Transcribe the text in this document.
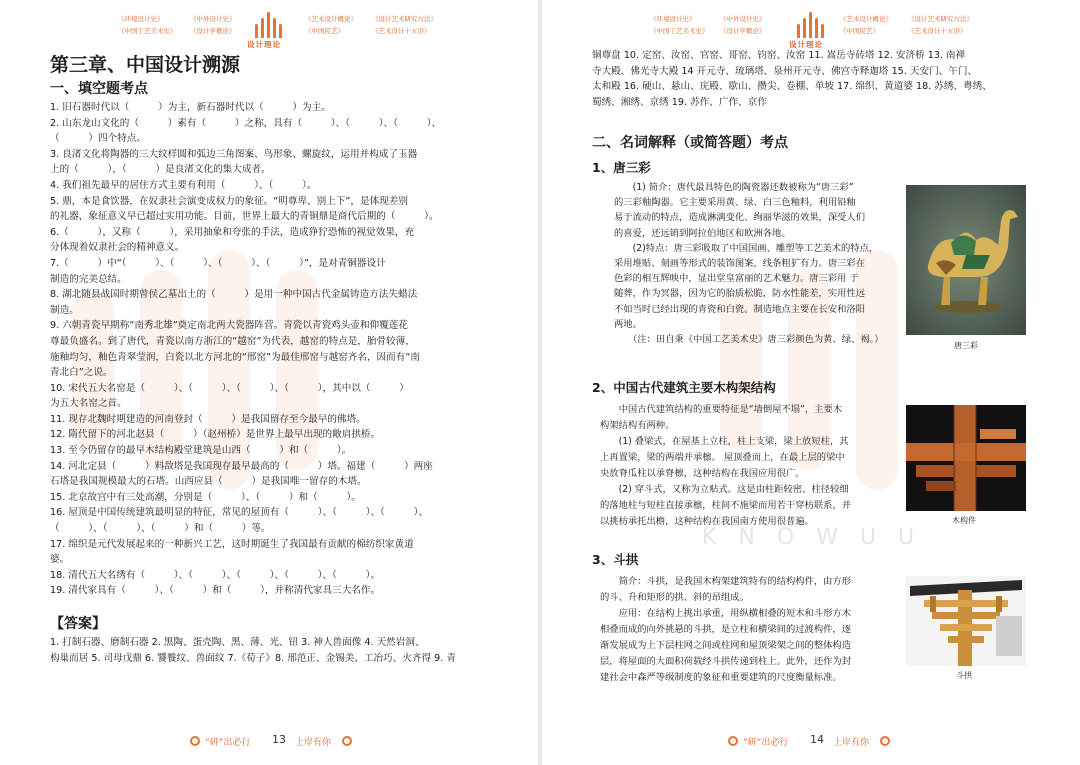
《环境设计史》
《中国工艺美术史》
《中外设计史》
《设计学概论》
设计理论
《艺术设计概论》
《中国民艺》
《设计艺术研究方法》
《艺术设计十五讲》
第三章、中国设计溯源
一、填空题考点
1. 旧石器时代以（　　　）为主，新石器时代以（　　　）为主。
2. 山东龙山文化的（　　　）素有（　　　）之称，具有（　　　）、（　　　）、（　　　）、
（　　　）四个特点。
3. 良渚文化将陶器的三大纹样圆和弧边三角图案、鸟形象、螺旋纹，运用并构成了玉器
上的（　　　），（　　　）是良渚文化的集大成者。
4. 我们祖先最早的居住方式主要有利用（　　　）、（　　　）。
5. 鼎，本是食饮器，在奴隶社会演变成权力的象征。“明尊卑、别上下”，是体现差别
的礼器，象征意义早已超过实用功能。目前，世界上最大的青铜鼎是商代后期的（　　　）。
6.（　　　），又称（　　　），采用抽象和夸张的手法，造成狰狞恐怖的视觉效果，充
分体现着奴隶社会的精神意义。
7.（　　　）中“（　　　）、（　　　）、（　　　）、（　　　）”，是对青铜器设计
制造的完美总结。
8. 湖北随县战国时期曾侯乙墓出土的（　　　）是用一种中国古代金属铸造方法失蜡法
制造。
9. 六朝青瓷早期称“南秀北雄”奠定南北两大瓷器阵营。青瓷以青瓷鸡头壶和仰覆莲花
尊最负盛名。到了唐代，青瓷以南方浙江的“越窑”为代表，越窑的特点是，胎骨较薄，
施釉均匀，釉色青翠莹润，白瓷以北方河北的“邢窑”为最佳邢窑与越窑齐名，因而有“南
青北白”之说。
10. 宋代五大名窑是（　　　）、（　　　）、（　　　）、（　　　），其中以（　　　）
为五大名窑之首。
11. 现存北魏时期建造的河南登封（　　　）是我国留存至今最早的佛塔。
12. 隋代留下的河北赵县（　　　）（赵州桥）是世界上最早出现的敞肩拱桥。
13. 至今仍留存的最早木结构殿堂建筑是山西（　　　）和（　　　）。
14. 河北定县（　　　）料敌塔是我国现存最早最高的（　　　）塔。福建（　　　）两座
石塔是我国规模最大的石塔。山西应县（　　　）是我国唯一留存的木塔。
15. 北京故宫中有三处高潮，分别是（　　　）、（　　　）和（　　　）。
16. 屋顶是中国传统建筑最明显的特征，常见的屋顶有（　　　）、（　　　）、（　　　）、
（　　　）、（　　　）、（　　　）和（　　　）等。
17. 绵织是元代发展起来的一种新兴工艺，这时期诞生了我国最有贡献的棉纺织家黄道
婆。
18. 清代五大名绣有（　　　）、（　　　）、（　　　）、（　　　）、（　　　）。
19. 清代家具有（　　　）、（　　　）和（　　　），并称清代家具三大名作。
【答案】
1. 打制石器、磨制石器 2. 黑陶、蛋壳陶、黑、薄、光、钮 3. 神人兽面像 4. 天然岩洞、
构巢而居 5. 司母戊鼎 6. 饕餮纹、兽面纹 7.《荀子》8. 邢范正、金锡美、工冶巧、火齐得 9. 青
“研”出必行 13 上岸有你
KNOWUU
《环境设计史》
《中国工艺美术史》
《中外设计史》
《设计学概论》
设计理论
《艺术设计概论》
《中国民艺》
《设计艺术研究方法》
《艺术设计十五讲》
铜尊盘 10. 定窑、汝窑、官窑、哥窑、钧窑、汝窑 11. 嵩岳寺砖塔 12. 安济桥 13. 南禅
寺大殿、佛光寺大殿 14 开元寺、琉璃塔、泉州开元寺、佛宫寺释迦塔 15. 天安门、午门、
太和殿 16. 硬山、悬山、庑殿、歇山、攒尖、卷棚、单坡 17. 绵织、黄道婆 18. 苏绣、粤绣、
蜀绣、湘绣、京绣 19. 苏作、广作、京作
二、名词解释（或简答题）考点
1、唐三彩
　　(1) 简介：唐代最具特色的陶瓷器还数被称为“唐三彩”
的三彩釉陶器。它主要采用黄、绿、白三色釉料，利用铅釉
易于流动的特点，造成淋漓变化、绚丽华滋的效果，深受人们
的喜爱，还远销到阿拉伯地区和欧洲各地。
　　(2)特点：唐三彩吸取了中国国画、雕塑等工艺美术的特点，
采用堆贴、刻画等形式的装饰图案，线条粗犷有力。唐三彩在
色彩的相互辉映中，显出堂皇富丽的艺术魅力。唐三彩用 于
随葬，作为冥器，因为它的胎质松脆，防水性能差，实用性远
不如当时已经出现的青瓷和白瓷。制造地点主要在长安和洛阳
两地。
　　（注：田自秉《中国工艺美术史》唐三彩颜色为黄、绿、褐。）
唐三彩
2、中国古代建筑主要木构架结构
　　中国古代建筑结构的重要特征是“墙倒屋不塌”，主要木
构架结构有两种。
　　(1) 叠梁式，在屋基上立柱，柱上支梁，梁上放短柱，其
上再置梁，梁的两端并承檩。 屋顶叠而上，在最上层的梁中
央放脊瓜柱以承脊檩，这种结构在我国应用很广。
　　(2) 穿斗式，又称为立贴式。这是由柱距较密、柱径较细
的落地柱与短柱直接承檩，柱间不施梁而用若干穿枋联系，并
以挑枋承托出檐，这种结构在我国南方使用很普遍。	木构件
3、斗拱
　　简介：斗拱，是我国木构架建筑特有的结构构件，由方形
的斗、升和矩形的拱、斜的昂组成。
　　应用：在结构上挑出承重，用纵横相叠的短木和斗形方木
相叠而成的向外挑悬的斗拱，是立柱和横梁间的过渡构件，逐
渐发展成为上下层柱网之间或柱网和屋顶梁架之间的整体构造
层，将屋面的大面积荷载经斗拱传递到柱上。此外，还作为封
建社会中森严等级制度的象征和重要建筑的尺度衡量标准。	斗拱
“研”出必行 14 上岸有你
